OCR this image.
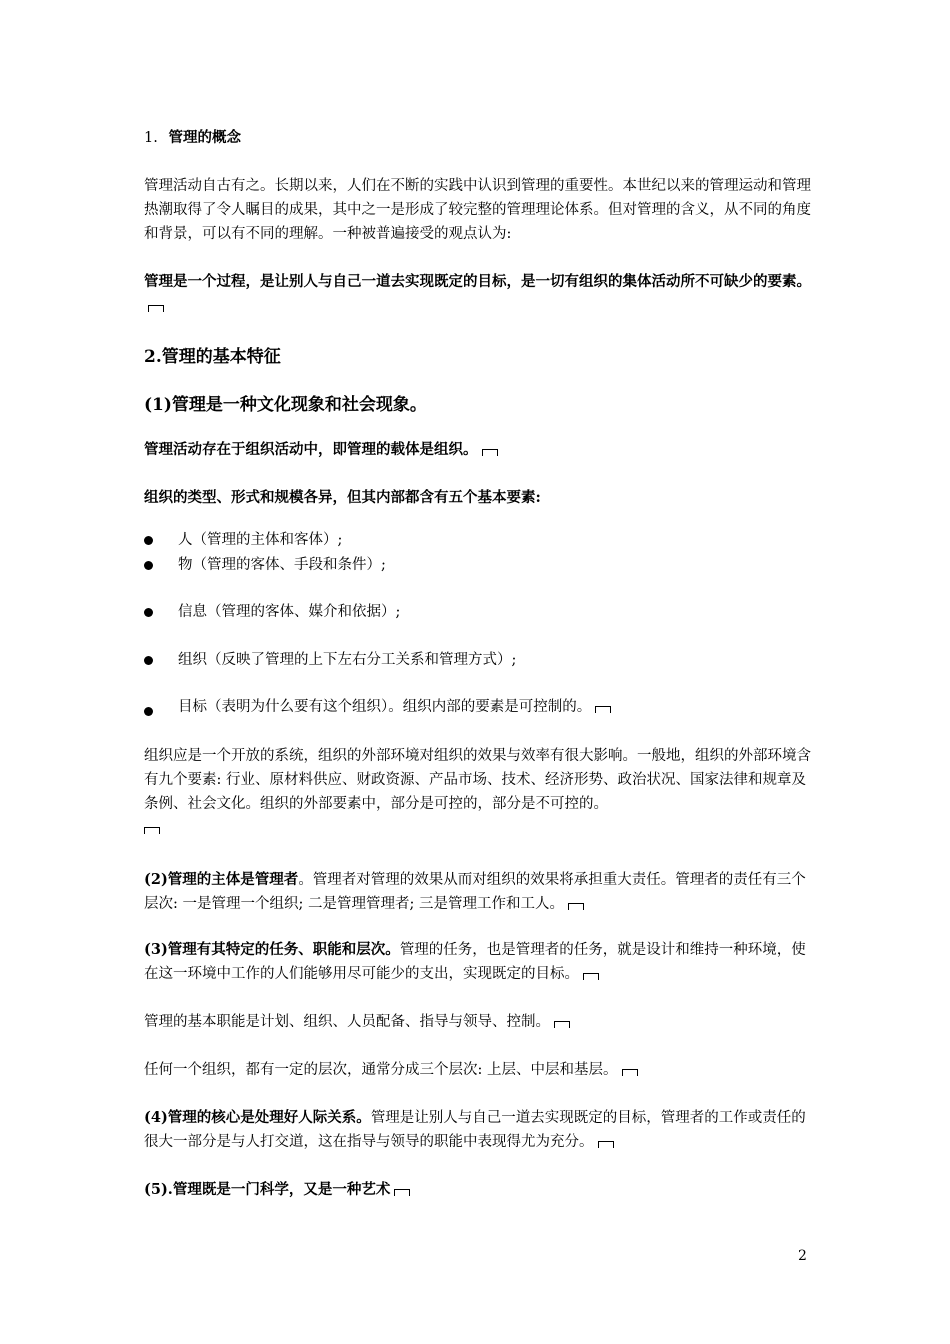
1. 管理的概念
管理活动自古有之。长期以来，人们在不断的实践中认识到管理的重要性。本世纪以来的管理运动和管理热潮取得了令人瞩目的成果，其中之一是形成了较完整的管理理论体系。但对管理的含义，从不同的角度和背景，可以有不同的理解。一种被普遍接受的观点认为:
管理是一个过程，是让别人与自己一道去实现既定的目标，是一切有组织的集体活动所不可缺少的要素。
2.管理的基本特征
(1)管理是一种文化现象和社会现象。
管理活动存在于组织活动中，即管理的载体是组织。
组织的类型、形式和规模各异，但其内部都含有五个基本要素:
人（管理的主体和客体）;
物（管理的客体、手段和条件）;
信息（管理的客体、媒介和依据）;
组织（反映了管理的上下左右分工关系和管理方式）;
目标（表明为什么要有这个组织）。组织内部的要素是可控制的。
组织应是一个开放的系统，组织的外部环境对组织的效果与效率有很大影响。一般地，组织的外部环境含有九个要素: 行业、原材料供应、财政资源、产品市场、技术、经济形势、政治状况、国家法律和规章及条例、社会文化。组织的外部要素中，部分是可控的，部分是不可控的。

(2)管理的主体是管理者。管理者对管理的效果从而对组织的效果将承担重大责任。管理者的责任有三个层次: 一是管理一个组织; 二是管理管理者; 三是管理工作和工人。
(3)管理有其特定的任务、职能和层次。管理的任务，也是管理者的任务，就是设计和维持一种环境，使在这一环境中工作的人们能够用尽可能少的支出，实现既定的目标。
管理的基本职能是计划、组织、人员配备、指导与领导、控制。
任何一个组织，都有一定的层次，通常分成三个层次: 上层、中层和基层。
(4)管理的核心是处理好人际关系。管理是让别人与自己一道去实现既定的目标，管理者的工作或责任的很大一部分是与人打交道，这在指导与领导的职能中表现得尤为充分。
(5).管理既是一门科学，又是一种艺术
2
